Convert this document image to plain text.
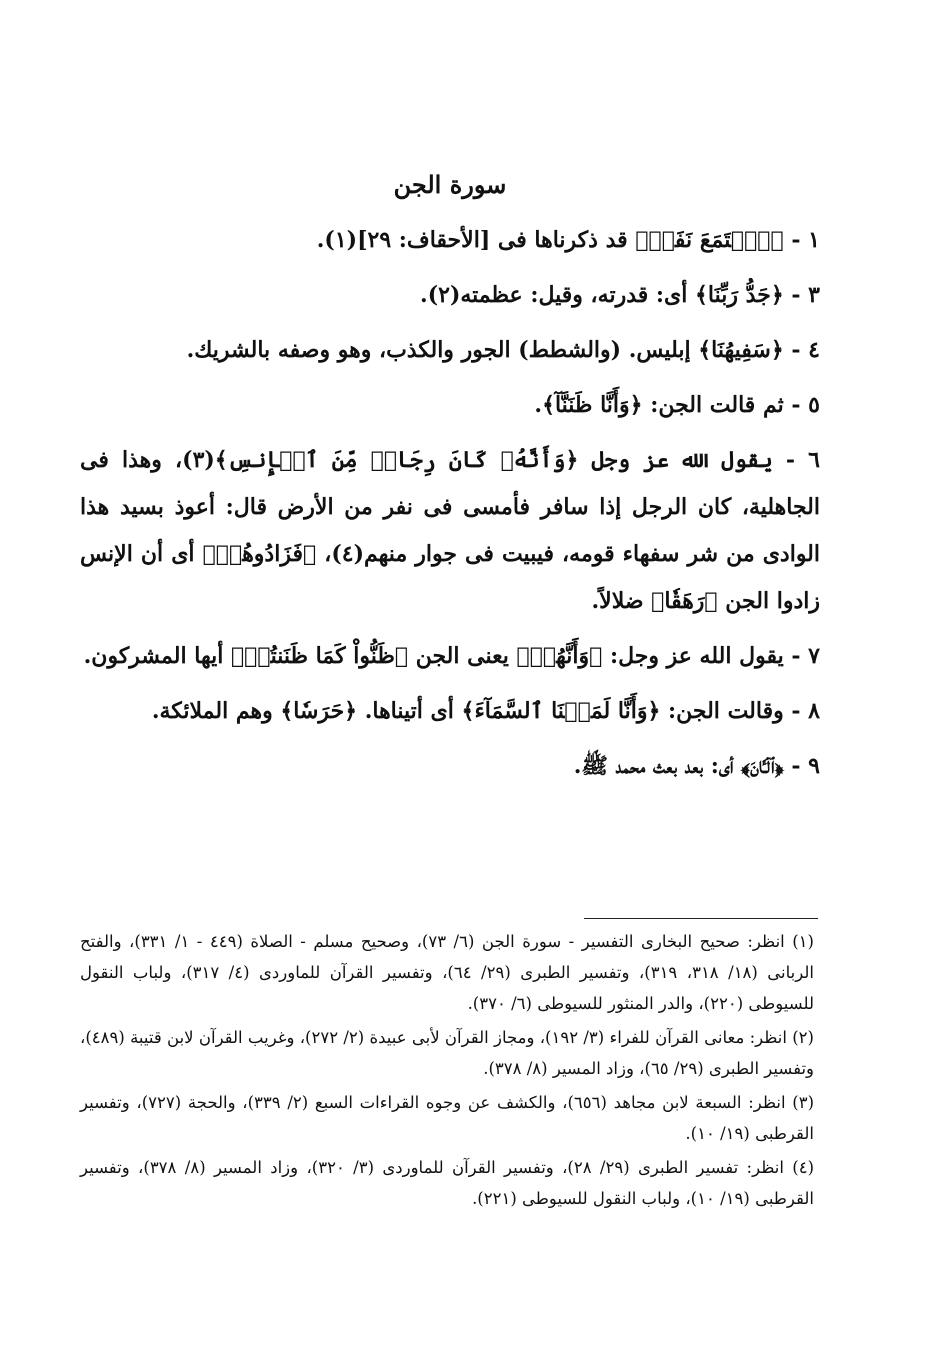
سورة الجن

١ - ﴿ٱسۡتَمَعَ نَفَرٞ﴾ قد ذكرناها فى [الأحقاف: ٢٩](١).

٣ - ﴿جَدُّ رَبِّنَا﴾ أى: قدرته، وقيل: عظمته(٢).

٤ - ﴿سَفِيهُنَا﴾ إبليس. (والشطط) الجور والكذب، وهو وصفه بالشريك.

٥ - ثم قالت الجن: ﴿وَأَنَّا ظَنَنَّآ﴾.

٦ - يقول الله عز وجل ﴿وَأَنَّهُۥ كَانَ رِجَالٞ مِّنَ ٱلۡإِنسِ﴾(٣)، وهذا فى الجاهلية، كان الرجل إذا سافر فأمسى فى نفر من الأرض قال: أعوذ بسيد هذا الوادى من شر سفهاء قومه، فيبيت فى جوار منهم(٤)، ﴿فَزَادُوهُمۡ﴾ أى أن الإنس زادوا الجن ﴿رَهَقٗا﴾ ضلالاً.

٧ - يقول الله عز وجل: ﴿وَأَنَّهُمۡ﴾ يعنى الجن ﴿ظَنُّواْ كَمَا ظَنَنتُمۡ﴾ أيها المشركون.

٨ - وقالت الجن: ﴿وَأَنَّا لَمَسۡنَا ٱلسَّمَآءَ﴾ أى أتيناها. ﴿حَرَسٗا﴾ وهم الملائكة.

٩ - ﴿ٱلۡـَٔانَ﴾ أى: بعد بعث محمد ﷺ.

(١) انظر: صحيح البخارى التفسير - سورة الجن (٦/ ٧٣)، وصحيح مسلم - الصلاة (٤٤٩ - ١/ ٣٣١)، والفتح الربانى (١٨/ ٣١٨، ٣١٩)، وتفسير الطبرى (٢٩/ ٦٤)، وتفسير القرآن للماوردى (٤/ ٣١٧)، ولباب النقول للسيوطى (٢٢٠)، والدر المنثور للسيوطى (٦/ ٣٧٠).

(٢) انظر: معانى القرآن للفراء (٣/ ١٩٢)، ومجاز القرآن لأبى عبيدة (٢/ ٢٧٢)، وغريب القرآن لابن قتيبة (٤٨٩)، وتفسير الطبرى (٢٩/ ٦٥)، وزاد المسير (٨/ ٣٧٨).

(٣) انظر: السبعة لابن مجاهد (٦٥٦)، والكشف عن وجوه القراءات السبع (٢/ ٣٣٩)، والحجة (٧٢٧)، وتفسير القرطبى (١٩/ ١٠).

(٤) انظر: تفسير الطبرى (٢٩/ ٢٨)، وتفسير القرآن للماوردى (٣/ ٣٢٠)، وزاد المسير (٨/ ٣٧٨)، وتفسير القرطبى (١٩/ ١٠)، ولباب النقول للسيوطى (٢٢١).
